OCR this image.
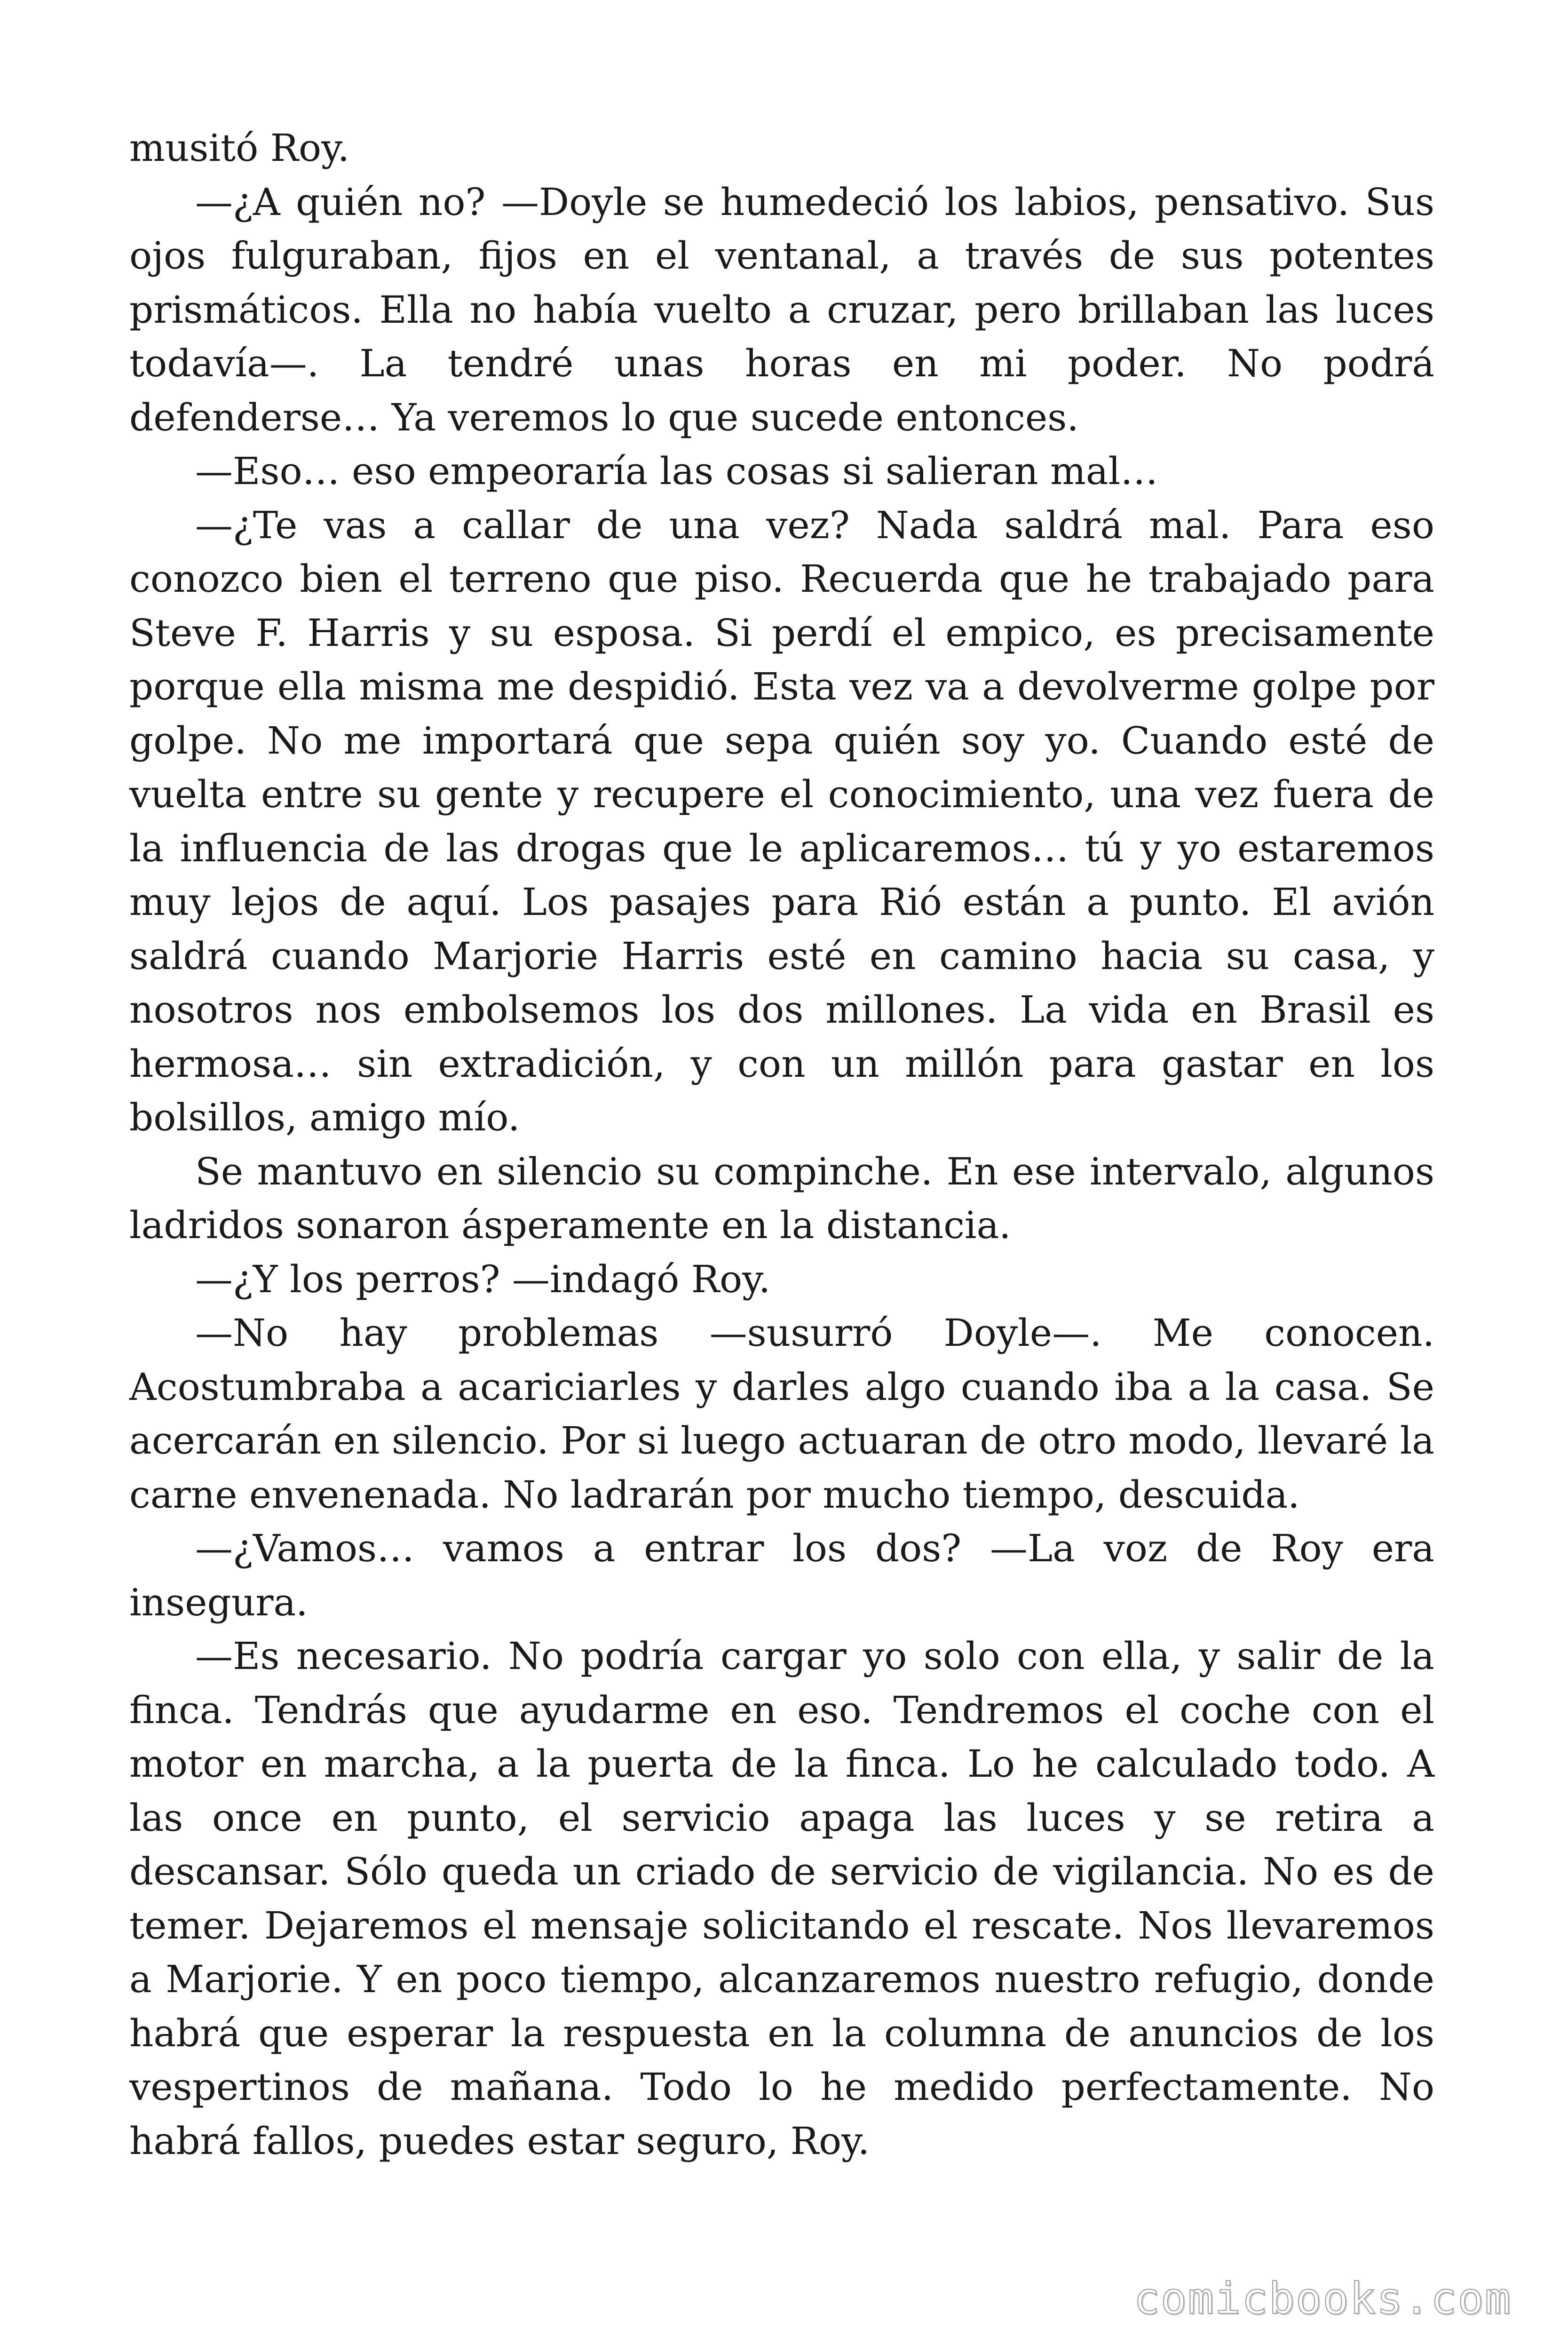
musitó Roy.

—¿A quién no? —Doyle se humedeció los labios, pensativo. Sus ojos fulguraban, fijos en el ventanal, a través de sus potentes prismáticos. Ella no había vuelto a cruzar, pero brillaban las luces todavía—. La tendré unas horas en mi poder. No podrá defenderse… Ya veremos lo que sucede entonces.

—Eso… eso empeoraría las cosas si salieran mal…

—¿Te vas a callar de una vez? Nada saldrá mal. Para eso conozco bien el terreno que piso. Recuerda que he trabajado para Steve F. Harris y su esposa. Si perdí el empico, es precisamente porque ella misma me despidió. Esta vez va a devolverme golpe por golpe. No me importará que sepa quién soy yo. Cuando esté de vuelta entre su gente y recupere el conocimiento, una vez fuera de la influencia de las drogas que le aplicaremos… tú y yo estaremos muy lejos de aquí. Los pasajes para Rió están a punto. El avión saldrá cuando Marjorie Harris esté en camino hacia su casa, y nosotros nos embolsemos los dos millones. La vida en Brasil es hermosa… sin extradición, y con un millón para gastar en los bolsillos, amigo mío.

Se mantuvo en silencio su compinche. En ese intervalo, algunos ladridos sonaron ásperamente en la distancia.

—¿Y los perros? —indagó Roy.

—No hay problemas —susurró Doyle—. Me conocen. Acostumbraba a acariciarles y darles algo cuando iba a la casa. Se acercarán en silencio. Por si luego actuaran de otro modo, llevaré la carne envenenada. No ladrarán por mucho tiempo, descuida.

—¿Vamos… vamos a entrar los dos? —La voz de Roy era insegura.

—Es necesario. No podría cargar yo solo con ella, y salir de la finca. Tendrás que ayudarme en eso. Tendremos el coche con el motor en marcha, a la puerta de la finca. Lo he calculado todo. A las once en punto, el servicio apaga las luces y se retira a descansar. Sólo queda un criado de servicio de vigilancia. No es de temer. Dejaremos el mensaje solicitando el rescate. Nos llevaremos a Marjorie. Y en poco tiempo, alcanzaremos nuestro refugio, donde habrá que esperar la respuesta en la columna de anuncios de los vespertinos de mañana. Todo lo he medido perfectamente. No habrá fallos, puedes estar seguro, Roy.

comicbooks.com
